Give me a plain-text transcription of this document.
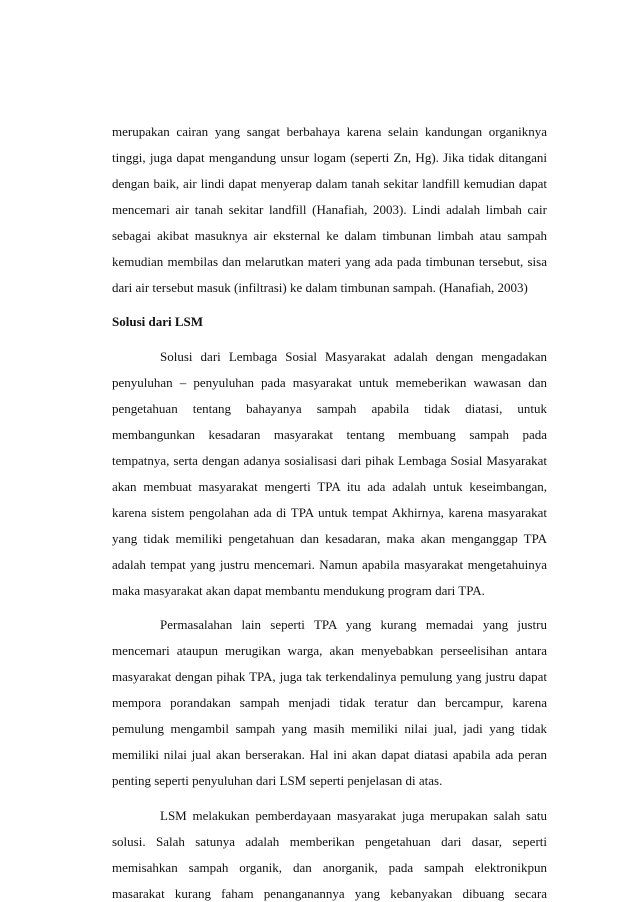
merupakan cairan yang sangat berbahaya karena selain kandungan organiknya
tinggi, juga dapat mengandung unsur logam (seperti Zn, Hg). Jika tidak ditangani
dengan baik, air lindi dapat menyerap dalam tanah sekitar landfill kemudian dapat
mencemari air tanah sekitar landfill (Hanafiah, 2003). Lindi adalah limbah cair
sebagai akibat masuknya air eksternal ke dalam timbunan limbah atau sampah
kemudian membilas dan melarutkan materi yang ada pada timbunan tersebut, sisa
dari air tersebut masuk (infiltrasi) ke dalam timbunan sampah. (Hanafiah, 2003)
Solusi dari LSM
Solusi dari Lembaga Sosial Masyarakat adalah dengan mengadakan
penyuluhan – penyuluhan pada masyarakat untuk memeberikan wawasan dan
pengetahuan tentang bahayanya sampah apabila tidak diatasi, untuk
membangunkan kesadaran masyarakat tentang membuang sampah pada
tempatnya, serta dengan adanya sosialisasi dari pihak Lembaga Sosial Masyarakat
akan membuat masyarakat mengerti TPA itu ada adalah untuk keseimbangan,
karena sistem pengolahan ada di TPA untuk tempat Akhirnya, karena masyarakat
yang tidak memiliki pengetahuan dan kesadaran, maka akan menganggap TPA
adalah tempat yang justru mencemari. Namun apabila masyarakat mengetahuinya
maka masyarakat akan dapat membantu mendukung program dari TPA.
Permasalahan lain seperti TPA yang kurang memadai yang justru
mencemari ataupun merugikan warga, akan menyebabkan perseelisihan antara
masyarakat dengan pihak TPA, juga tak terkendalinya pemulung yang justru dapat
mempora porandakan sampah menjadi tidak teratur dan bercampur, karena
pemulung mengambil sampah yang masih memiliki nilai jual, jadi yang tidak
memiliki nilai jual akan berserakan. Hal ini akan dapat diatasi apabila ada peran
penting seperti penyuluhan dari LSM seperti penjelasan di atas.
LSM melakukan pemberdayaan masyarakat juga merupakan salah satu
solusi. Salah satunya adalah memberikan pengetahuan dari dasar, seperti
memisahkan sampah organik, dan anorganik, pada sampah elektronikpun
masarakat kurang faham penanganannya yang kebanyakan dibuang secara
